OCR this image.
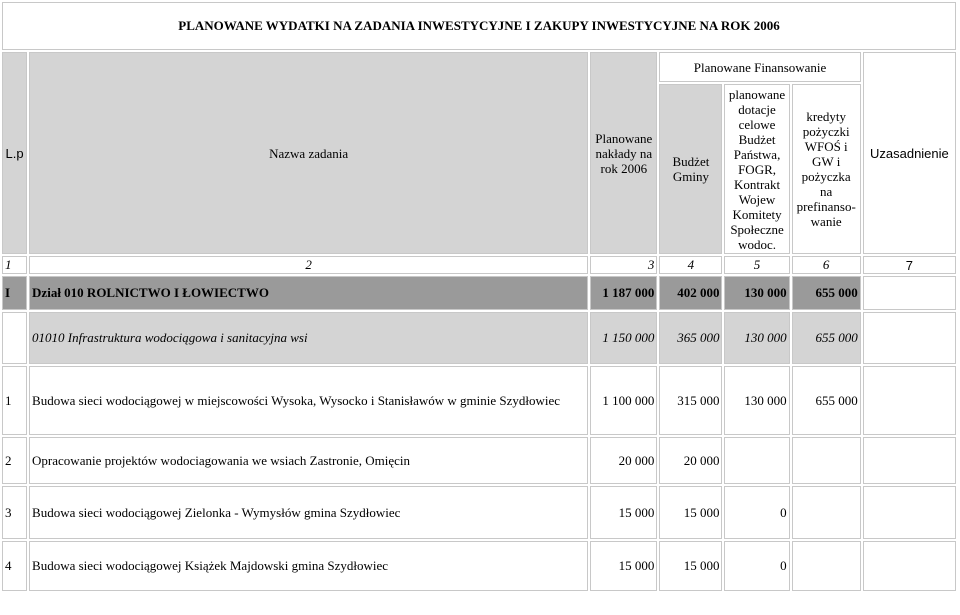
PLANOWANE WYDATKI NA ZADANIA INWESTYCYJNE I ZAKUPY INWESTYCYJNE NA ROK 2006							
L.p	Nazwa zadania	Planowane nakłady na rok 2006	Planowane Finansowanie			Uzasadnienie	
			Budżet Gminy	planowane dotacje celowe Budżet Państwa, FOGR, Kontrakt Wojew Komitety Społeczne wodoc.	kredyty pożyczki WFOŚ i GW i pożyczka na prefinanso-wanie		
1	2	3	4	5	6	7	
I	Dział 010 ROLNICTWO I ŁOWIECTWO	1 187 000	402 000	130 000	655 000		
	01010 Infrastruktura wodociągowa i sanitacyjna wsi	1 150 000	365 000	130 000	655 000		
1	Budowa sieci wodociągowej w miejscowości Wysoka, Wysocko i Stanisławów w gminie Szydłowiec	1 100 000	315 000	130 000	655 000		
2	Opracowanie projektów wodociagowania we wsiach Zastronie, Omięcin	20 000	20 000				
3	Budowa sieci wodociągowej Zielonka - Wymysłów gmina Szydłowiec	15 000	15 000	0			
4	Budowa sieci wodociągowej Książek Majdowski gmina Szydłowiec	15 000	15 000	0			
